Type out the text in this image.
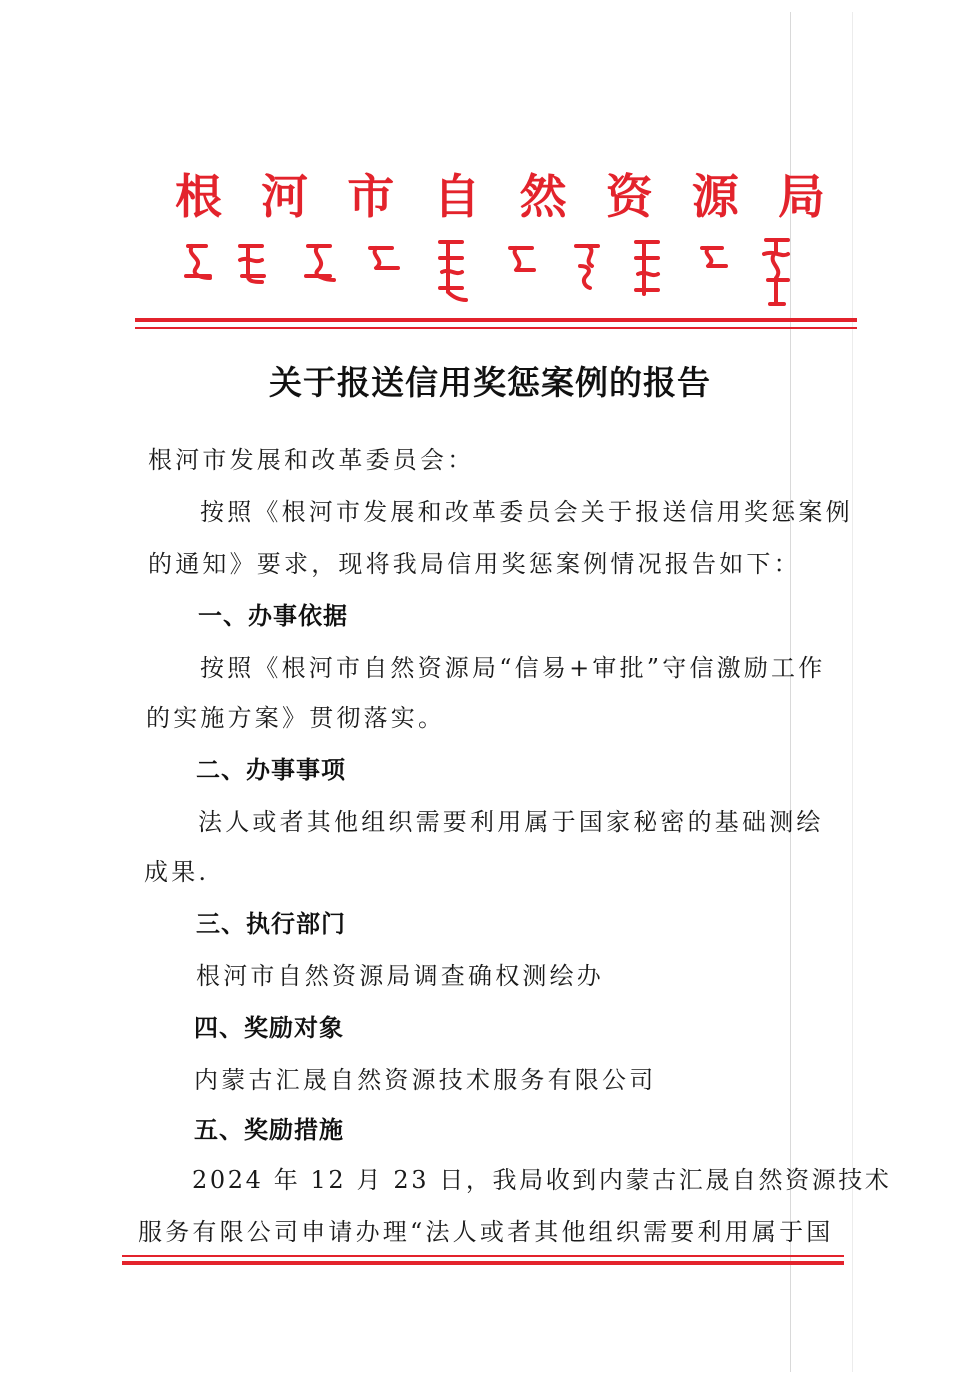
根 河 市 自 然 资 源 局
关于报送信用奖惩案例的报告
根河市发展和改革委员会：
按照《根河市发展和改革委员会关于报送信用奖惩案例
的通知》要求，现将我局信用奖惩案例情况报告如下：
一、办事依据
按照《根河市自然资源局“信易+审批”守信激励工作
的实施方案》贯彻落实。
二、办事事项
法人或者其他组织需要利用属于国家秘密的基础测绘
成果.
三、执行部门
根河市自然资源局调查确权测绘办
四、奖励对象
内蒙古汇晟自然资源技术服务有限公司
五、奖励措施
2024 年 12 月 23 日，我局收到内蒙古汇晟自然资源技术
服务有限公司申请办理“法人或者其他组织需要利用属于国
